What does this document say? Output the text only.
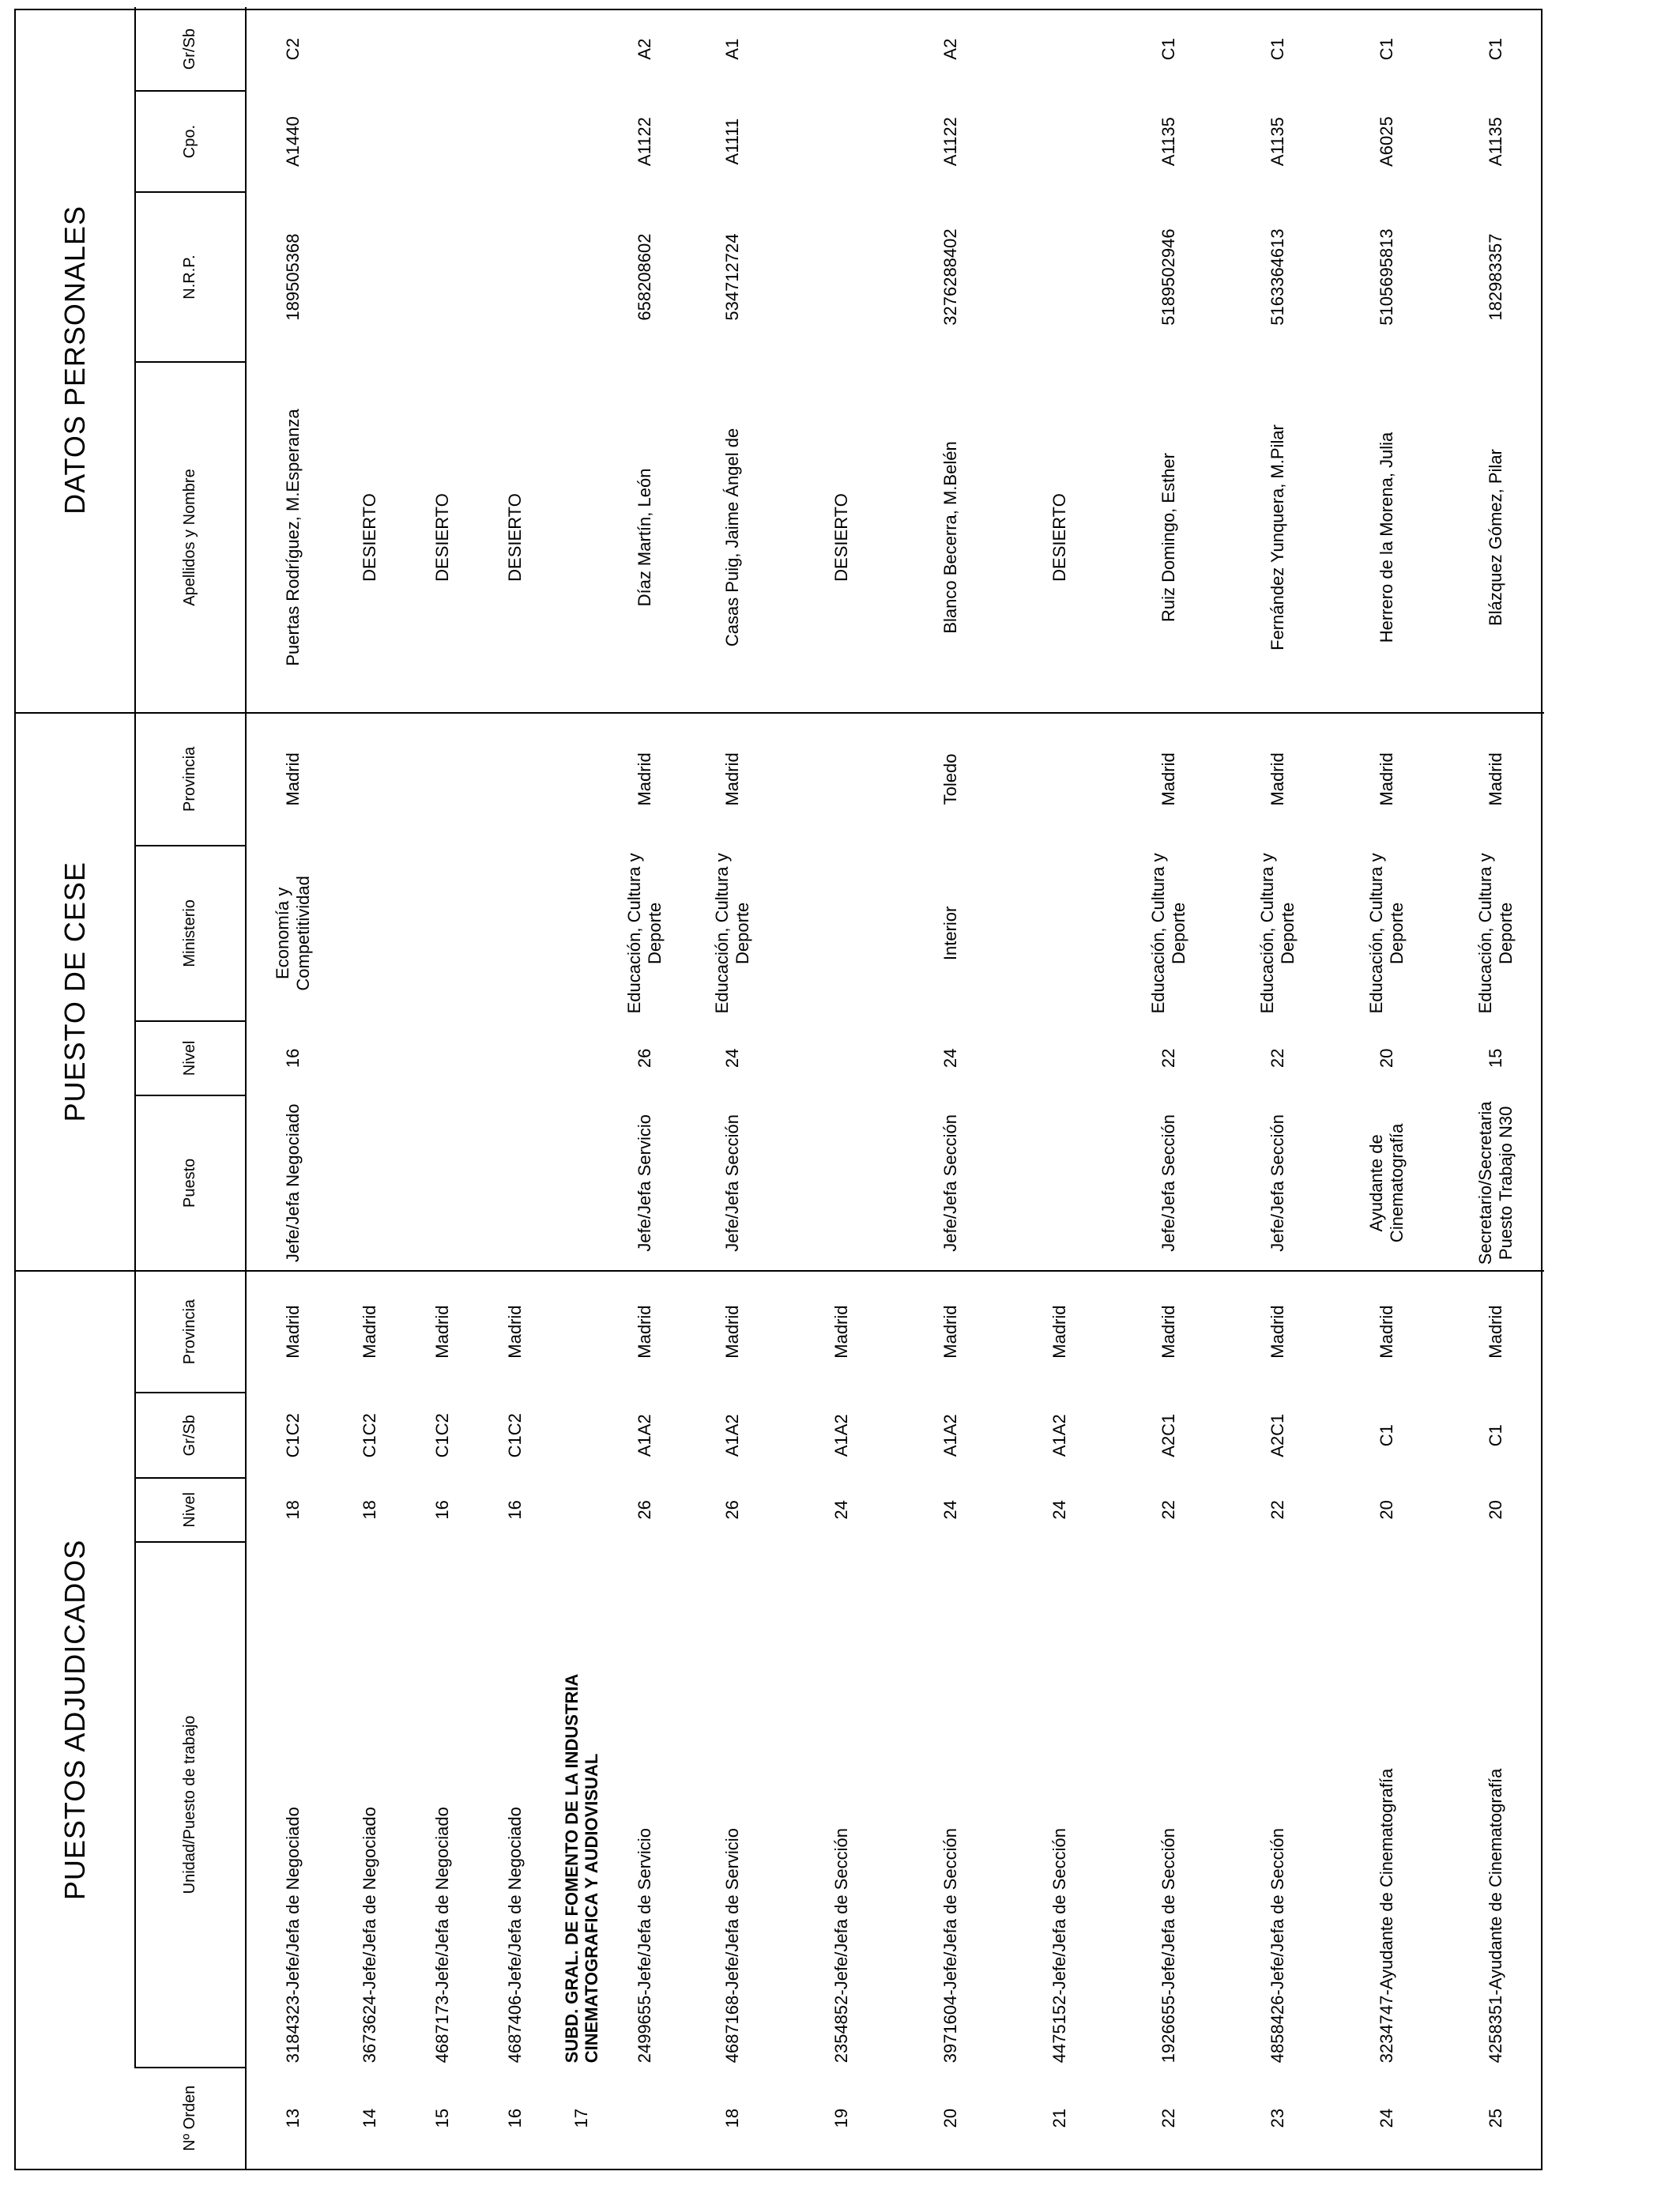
PUESTOS ADJUDICADOS
PUESTO DE CESE
DATOS PERSONALES
Nº Orden
Unidad/Puesto de trabajo
Nivel
Gr/Sb
Provincia
Puesto
Nivel
Ministerio
Provincia
Apellidos y Nombre
N.R.P.
Cpo.
Gr/Sb
13
3184323-Jefe/Jefa de Negociado
18
C1C2
Madrid
Jefe/Jefa Negociado
16
Economía y
Competitividad
Madrid
Puertas Rodríguez, M.Esperanza
189505368
A1440
C2
14
3673624-Jefe/Jefa de Negociado
18
C1C2
Madrid
DESIERTO
15
4687173-Jefe/Jefa de Negociado
16
C1C2
Madrid
DESIERTO
16
4687406-Jefe/Jefa de Negociado
16
C1C2
Madrid
DESIERTO
17
SUBD. GRAL. DE FOMENTO DE LA INDUSTRIA
CINEMATOGRAFICA Y AUDIOVISUAL
2499655-Jefe/Jefa de Servicio
26
A1A2
Madrid
Jefe/Jefa Servicio
26
Educación, Cultura y
Deporte
Madrid
Díaz Martín, León
658208602
A1122
A2
18
4687168-Jefe/Jefa de Servicio
26
A1A2
Madrid
Jefe/Jefa Sección
24
Educación, Cultura y
Deporte
Madrid
Casas Puig, Jaime Ángel de
534712724
A1111
A1
19
2354852-Jefe/Jefa de Sección
24
A1A2
Madrid
DESIERTO
20
3971604-Jefe/Jefa de Sección
24
A1A2
Madrid
Jefe/Jefa Sección
24
Interior
Toledo
Blanco Becerra, M.Belén
3276288402
A1122
A2
21
4475152-Jefe/Jefa de Sección
24
A1A2
Madrid
DESIERTO
22
1926655-Jefe/Jefa de Sección
22
A2C1
Madrid
Jefe/Jefa Sección
22
Educación, Cultura y
Deporte
Madrid
Ruiz Domingo, Esther
5189502946
A1135
C1
23
4858426-Jefe/Jefa de Sección
22
A2C1
Madrid
Jefe/Jefa Sección
22
Educación, Cultura y
Deporte
Madrid
Fernández Yunquera, M.Pilar
5163364613
A1135
C1
24
3234747-Ayudante de Cinematografía
20
C1
Madrid
Ayudante de
Cinematografía
20
Educación, Cultura y
Deporte
Madrid
Herrero de la Morena, Julia
5105695813
A6025
C1
25
4258351-Ayudante de Cinematografía
20
C1
Madrid
Secretario/Secretaria
Puesto Trabajo N30
15
Educación, Cultura y
Deporte
Madrid
Blázquez Gómez, Pilar
182983357
A1135
C1
